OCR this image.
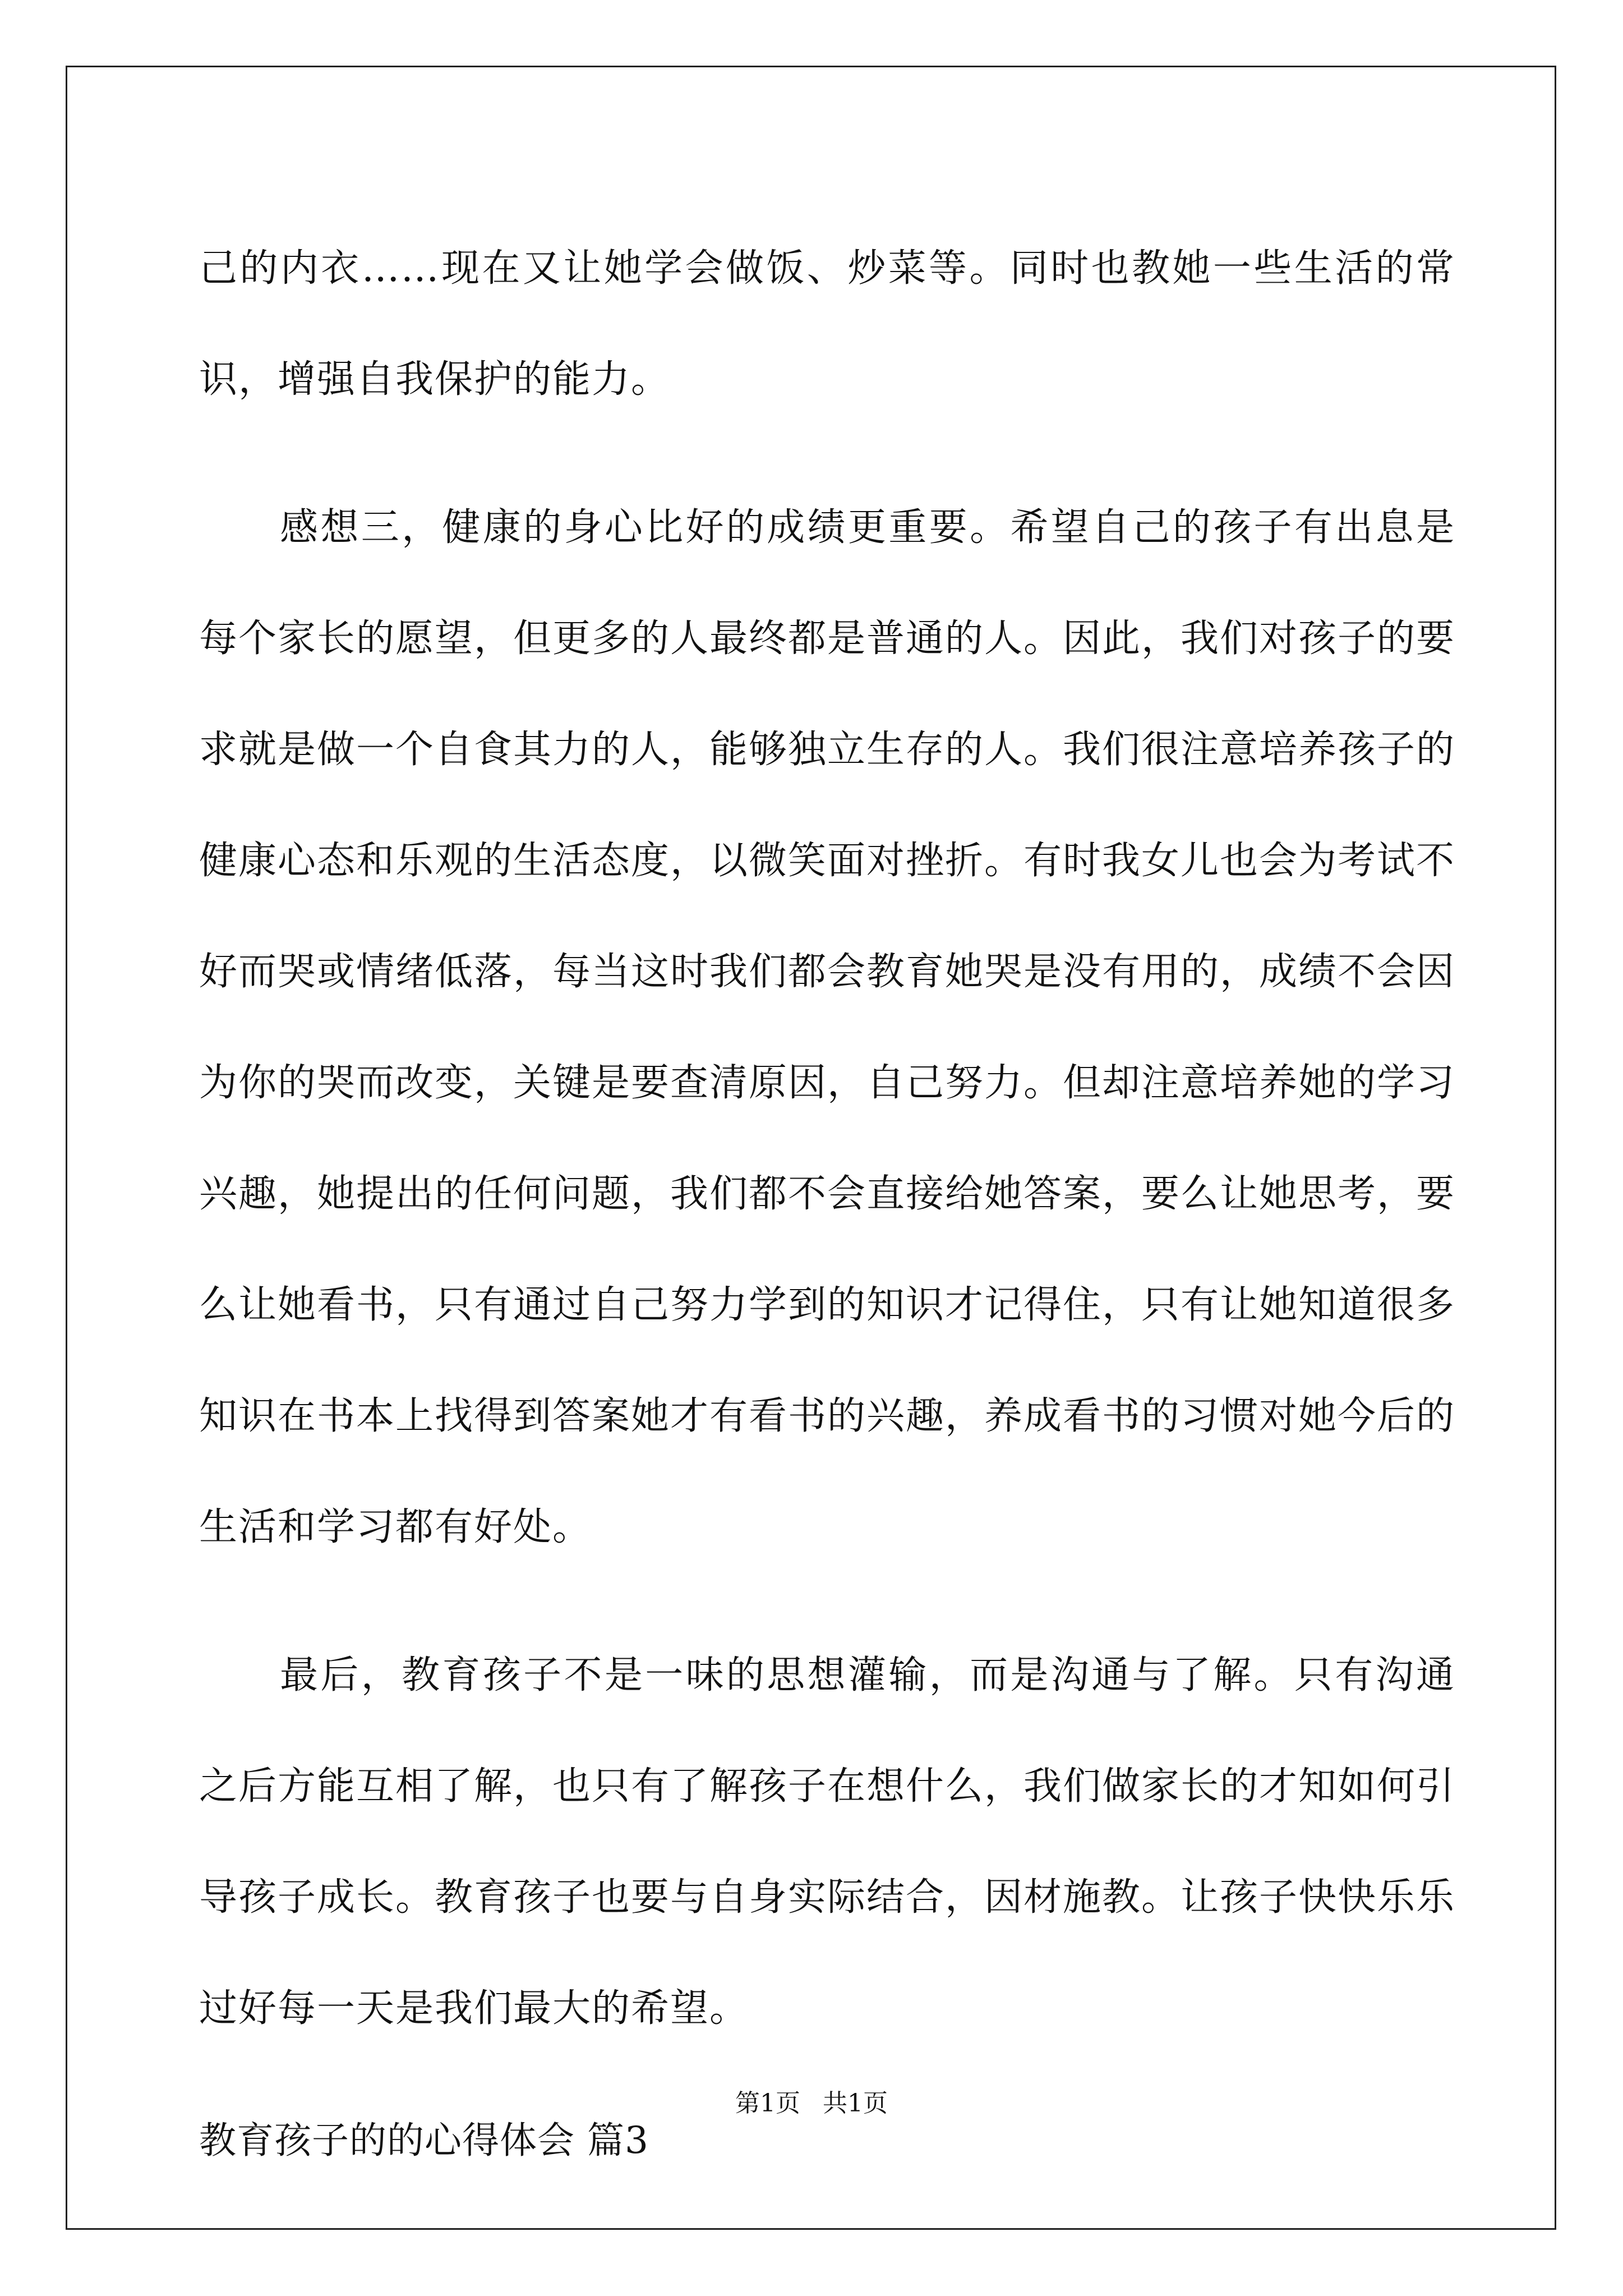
己的内衣……现在又让她学会做饭、炒菜等。同时也教她一些生活的常识，增强自我保护的能力。

感想三，健康的身心比好的成绩更重要。希望自己的孩子有出息是每个家长的愿望，但更多的人最终都是普通的人。因此，我们对孩子的要求就是做一个自食其力的人，能够独立生存的人。我们很注意培养孩子的健康心态和乐观的生活态度，以微笑面对挫折。有时我女儿也会为考试不好而哭或情绪低落，每当这时我们都会教育她哭是没有用的，成绩不会因为你的哭而改变，关键是要查清原因，自己努力。但却注意培养她的学习兴趣，她提出的任何问题，我们都不会直接给她答案，要么让她思考，要么让她看书，只有通过自己努力学到的知识才记得住，只有让她知道很多知识在书本上找得到答案她才有看书的兴趣，养成看书的习惯对她今后的生活和学习都有好处。

最后，教育孩子不是一味的思想灌输，而是沟通与了解。只有沟通之后方能互相了解，也只有了解孩子在想什么，我们做家长的才知如何引导孩子成长。教育孩子也要与自身实际结合，因材施教。让孩子快快乐乐过好每一天是我们最大的希望。

教育孩子的的心得体会 篇3

第1页 共1页
